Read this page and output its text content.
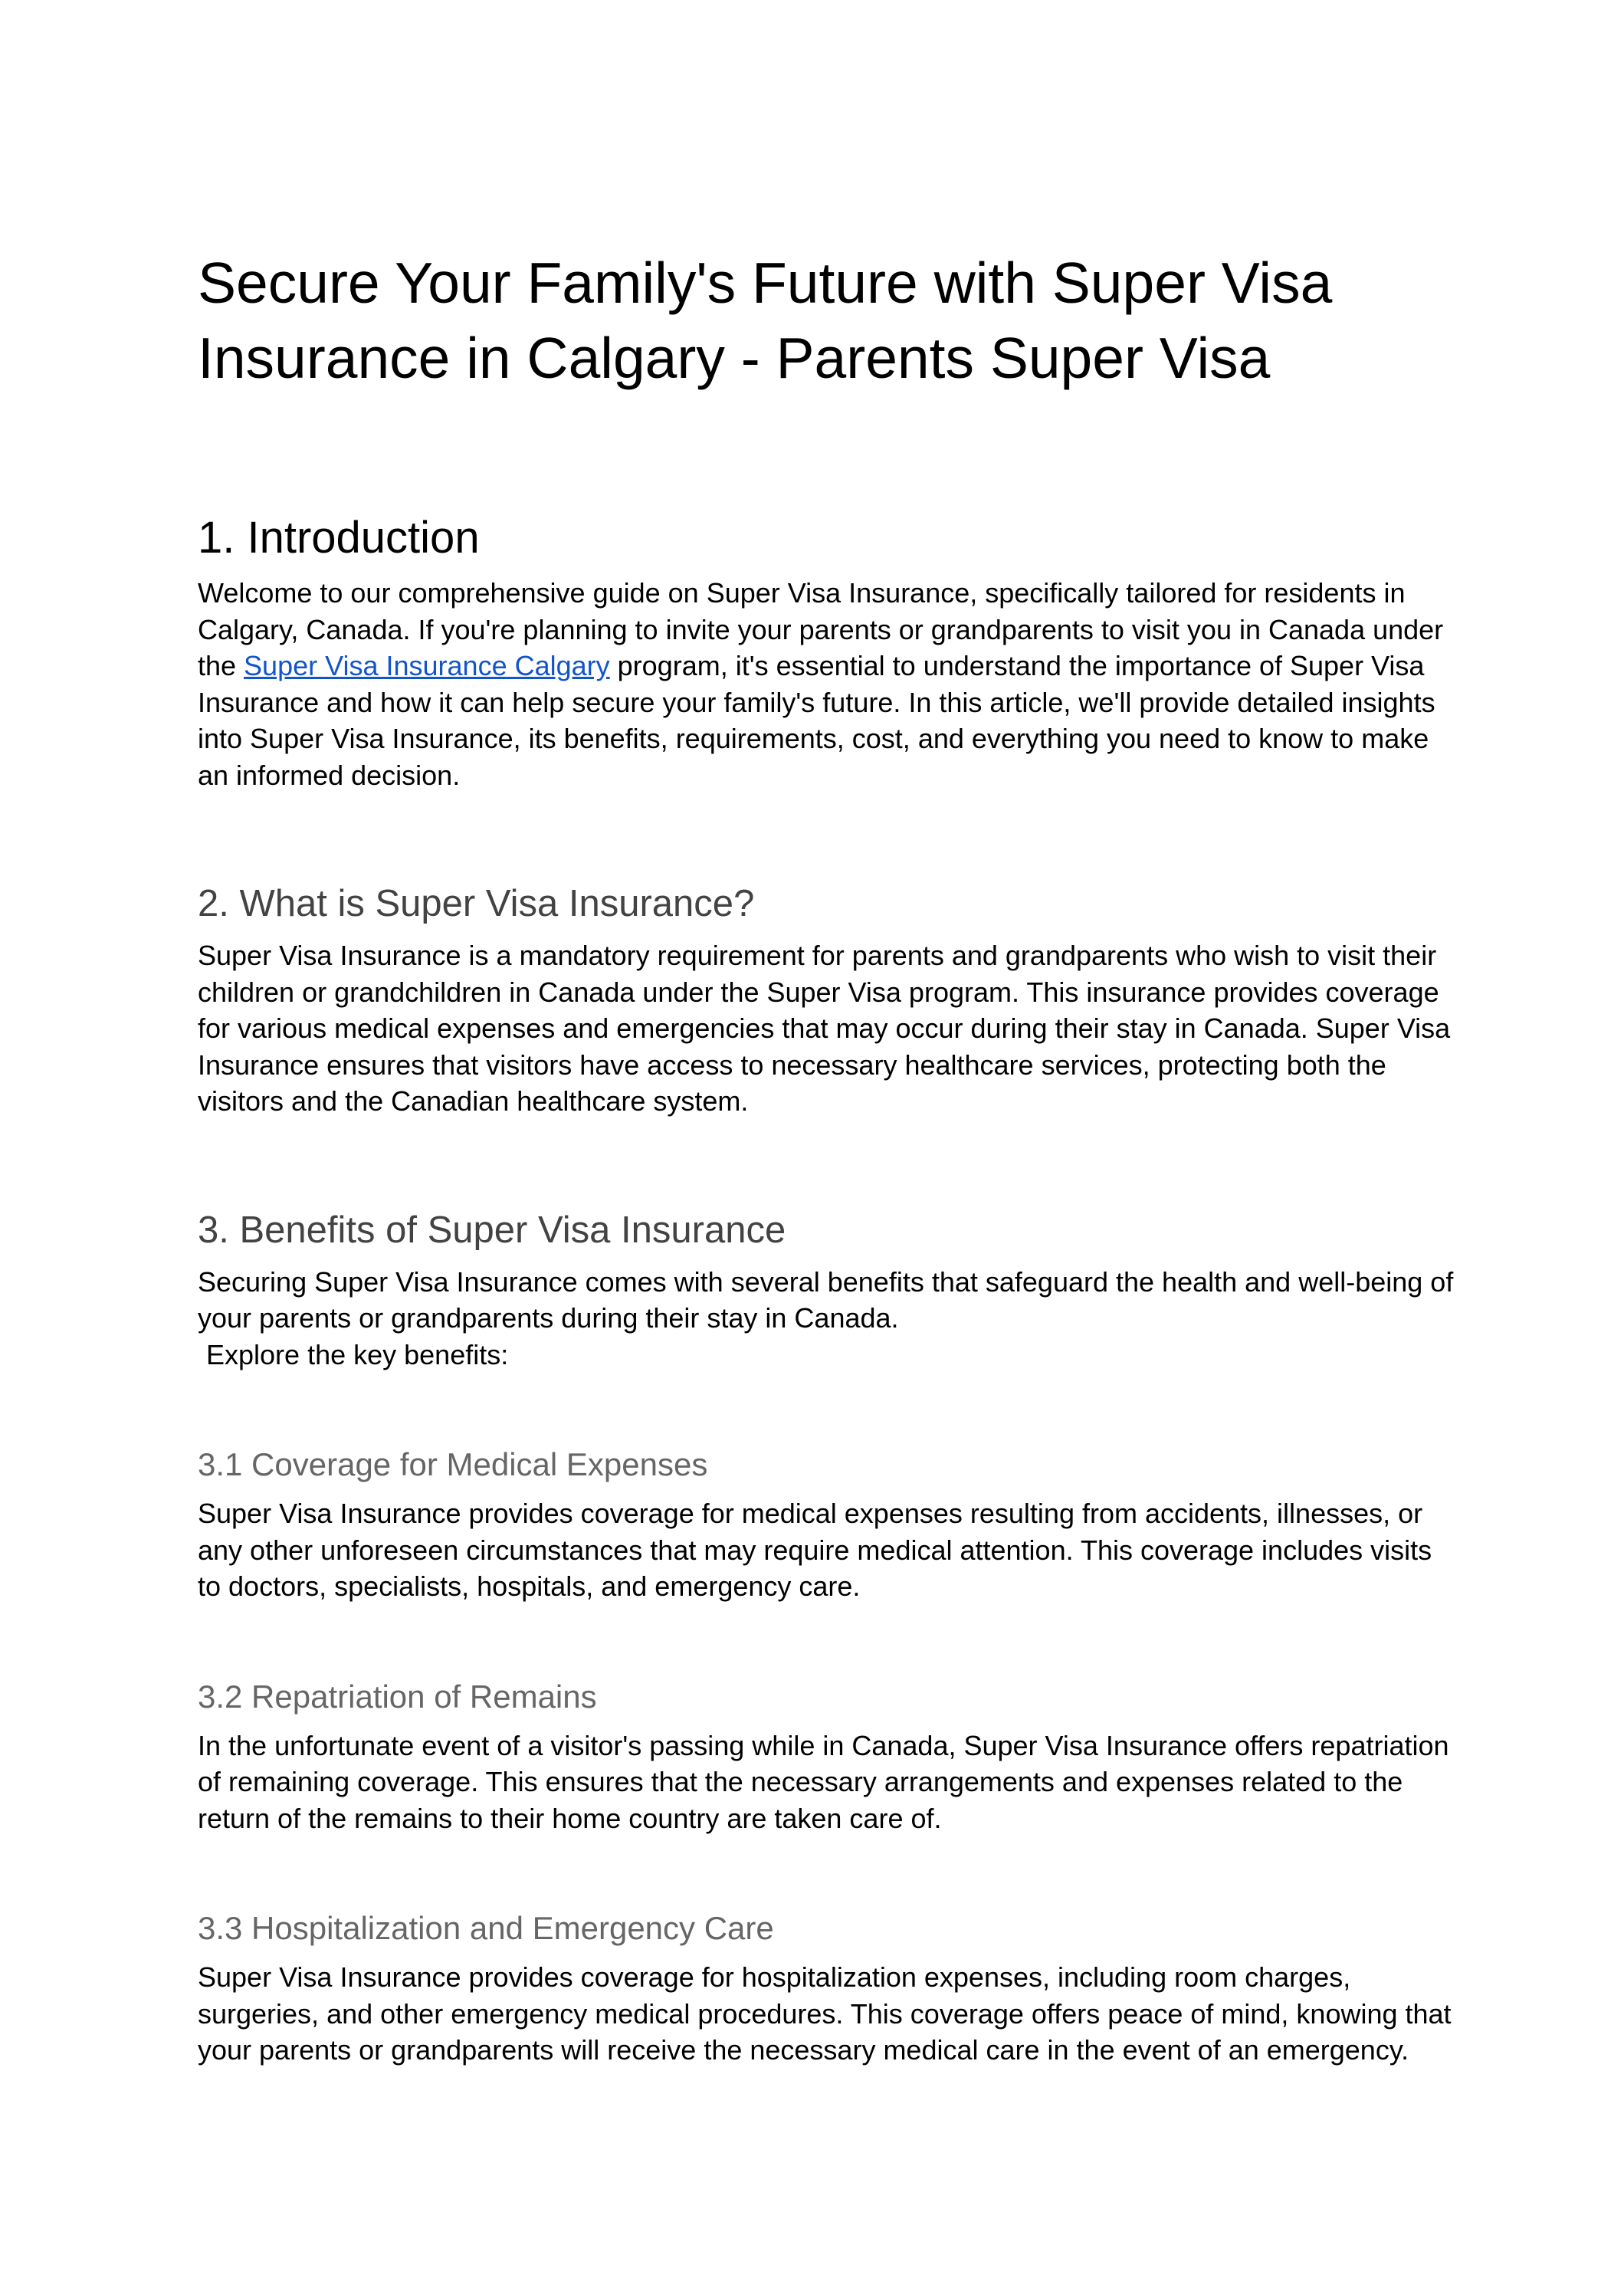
Secure Your Family's Future with Super Visa Insurance in Calgary - Parents Super Visa
1. Introduction

Welcome to our comprehensive guide on Super Visa Insurance, specifically tailored for residents in Calgary, Canada. If you're planning to invite your parents or grandparents to visit you in Canada under the Super Visa Insurance Calgary program, it's essential to understand the importance of Super Visa Insurance and how it can help secure your family's future. In this article, we'll provide detailed insights into Super Visa Insurance, its benefits, requirements, cost, and everything you need to know to make an informed decision.

2. What is Super Visa Insurance?

Super Visa Insurance is a mandatory requirement for parents and grandparents who wish to visit their children or grandchildren in Canada under the Super Visa program. This insurance provides coverage for various medical expenses and emergencies that may occur during their stay in Canada. Super Visa Insurance ensures that visitors have access to necessary healthcare services, protecting both the visitors and the Canadian healthcare system.

3. Benefits of Super Visa Insurance

Securing Super Visa Insurance comes with several benefits that safeguard the health and well-being of your parents or grandparents during their stay in Canada.
Explore the key benefits:

3.1 Coverage for Medical Expenses

Super Visa Insurance provides coverage for medical expenses resulting from accidents, illnesses, or any other unforeseen circumstances that may require medical attention. This coverage includes visits to doctors, specialists, hospitals, and emergency care.

3.2 Repatriation of Remains

In the unfortunate event of a visitor's passing while in Canada, Super Visa Insurance offers repatriation of remaining coverage. This ensures that the necessary arrangements and expenses related to the return of the remains to their home country are taken care of.

3.3 Hospitalization and Emergency Care

Super Visa Insurance provides coverage for hospitalization expenses, including room charges, surgeries, and other emergency medical procedures. This coverage offers peace of mind, knowing that your parents or grandparents will receive the necessary medical care in the event of an emergency.
